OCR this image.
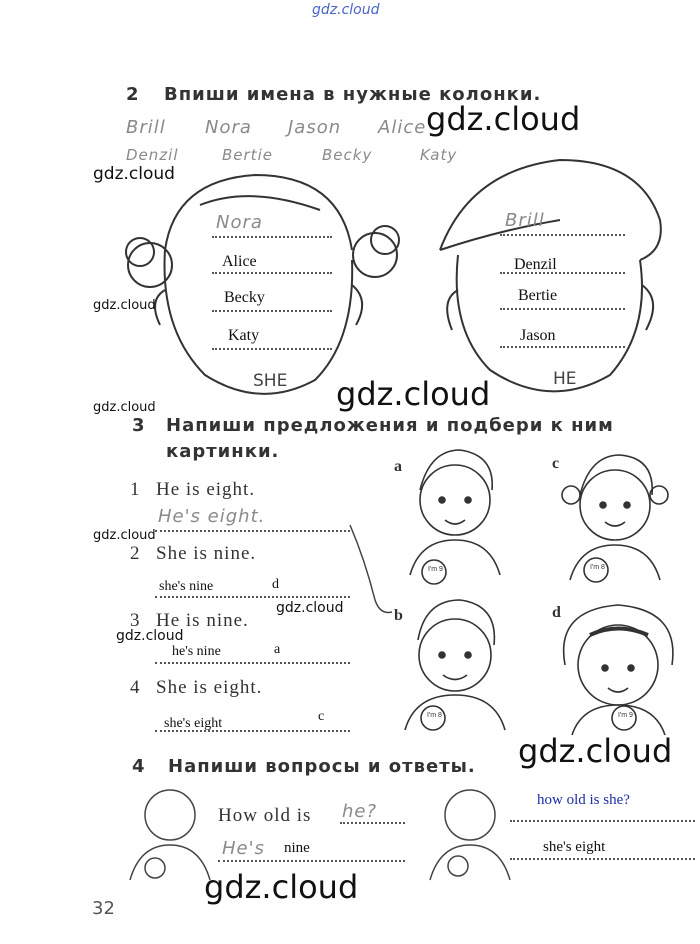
gdz.cloud
2 Впиши имена в нужные колонки.
Brill Nora Jason Alice
Denzil	Bertie	Becky	Katy
gdz.cloud
gdz.cloud
Nora
Alice
Becky
Katy
SHE
gdz.cloud
Brill
Denzil
Bertie
Jason
HE
gdz.cloud
gdz.cloud
3 Напиши предложения и подбери к ним
картинки.
1 He is eight.
He's eight.
gdz.cloud
2 She is nine.
she's nine	d
gdz.cloud
3 He is nine.
gdz.cloud
he's nine	a
4 She is eight.
she's eight	c
a	c
b	d
I'm 9	I'm 8
I'm 8	I'm 9
gdz.cloud
4 Напиши вопросы и ответы.
How old is he?
how old is she?
He's nine	she's eight
gdz.cloud
32
